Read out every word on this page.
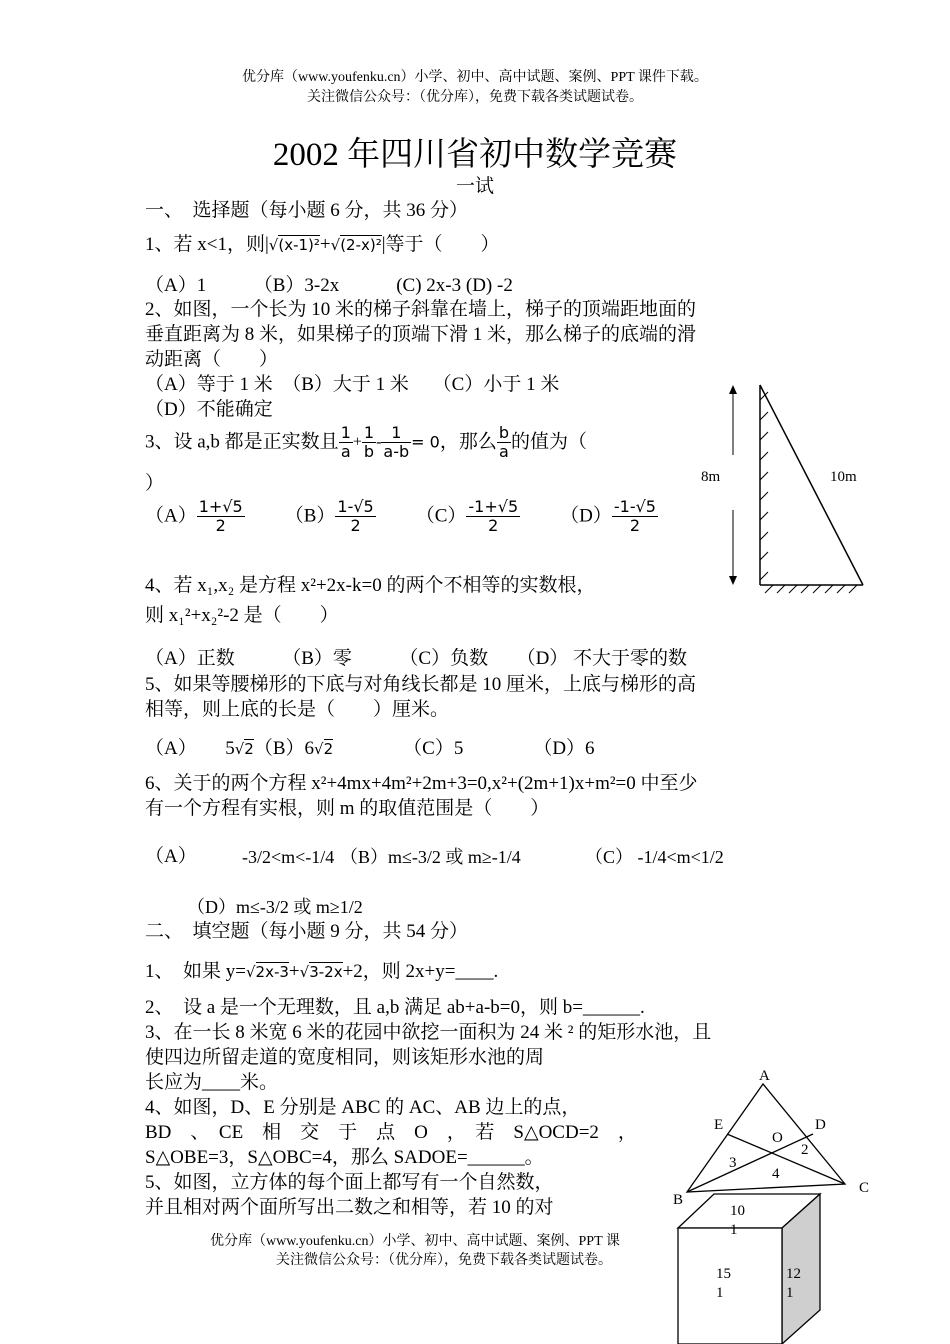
优分库（www.youfenku.cn）小学、初中、高中试题、案例、PPT 课件下载。
关注微信公众号：（优分库），免费下载各类试题试卷。
2002 年四川省初中数学竞赛
一试
一、　选择题（每小题 6 分，共 36 分）
1、若 x<1，则|√(x-1)²+√(2-x)²|等于（　　）
（A）1　　　（B）3-2x　　　(C) 2x-3 (D) -2
2、如图，一个长为 10 米的梯子斜靠在墙上，梯子的顶端距地面的
垂直距离为 8 米，如果梯子的顶端下滑 1 米，那么梯子的底端的滑
动距离（　　）
（A）等于 1 米　（B）大于 1 米　 （C）小于 1 米
（D）不能确定
3、设 a,b 都是正实数且 $\frac{1}{a} + \frac{1}{b} - \frac{1}{a-b} = 0$，那么 $\frac{b}{a}$ 的值为（
）
$(A) \frac{1+√5}{2} (B) \frac{1-√5}{2} (C) \frac{-1+√5}{2} (D) \frac{-1-√5}{2}$
4、若 x₁,x₂ 是方程 x²+2x-k=0 的两个不相等的实数根，
则 x₁²+x₂²-2 是（　　）
（A）正数　　　（B）零　　　（C）负数　　（D） 不大于零的数
5、如果等腰梯形的下底与对角线长都是 10 厘米，上底与梯形的高
相等，则上底的长是（　　）厘米。
（A）　　5√2（B）6√2	（C）5	（D）6
6、关于的两个方程 x²+4mx+4m²+2m+3=0,x²+(2m+1)x+m²=0 中至少
有一个方程有实根，则 m 的取值范围是（　　）
（A）	-3/2<m<-1/4 （B）m≤-3/2 或 m≥-1/4	（C） -1/4<m<1/2
（D）m≤-3/2 或 m≥1/2
二、　填空题（每小题 9 分，共 54 分）
1、　如果 y=√2x-3+√3-2x+2，则 2x+y=____.
2、　设 a 是一个无理数，且 a,b 满足 ab+a-b=0，则 b=______.
3、在一长 8 米宽 6 米的花园中欲挖一面积为 24 米 ² 的矩形水池，且
使四边所留走道的宽度相同，则该矩形水池的周
长应为____米。
4、如图，D、E 分别是 ABC 的 AC、AB 边上的点，
BD　、　CE　相　交　于　点　O　，　若　S△OCD=2　，
S△OBE=3，S△OBC=4，那么 SADOE=______。
5、如图，立方体的每个面上都写有一个自然数，
并且相对两个面所写出二数之和相等，若 10 的对
优分库（www.youfenku.cn）小学、初中、高中试题、案例、PPT 课
关注微信公众号：（优分库），免费下载各类试题试卷。
8m	10m
A
B
C
D
E
O
2
3
4
10
1
15
1
12
1
